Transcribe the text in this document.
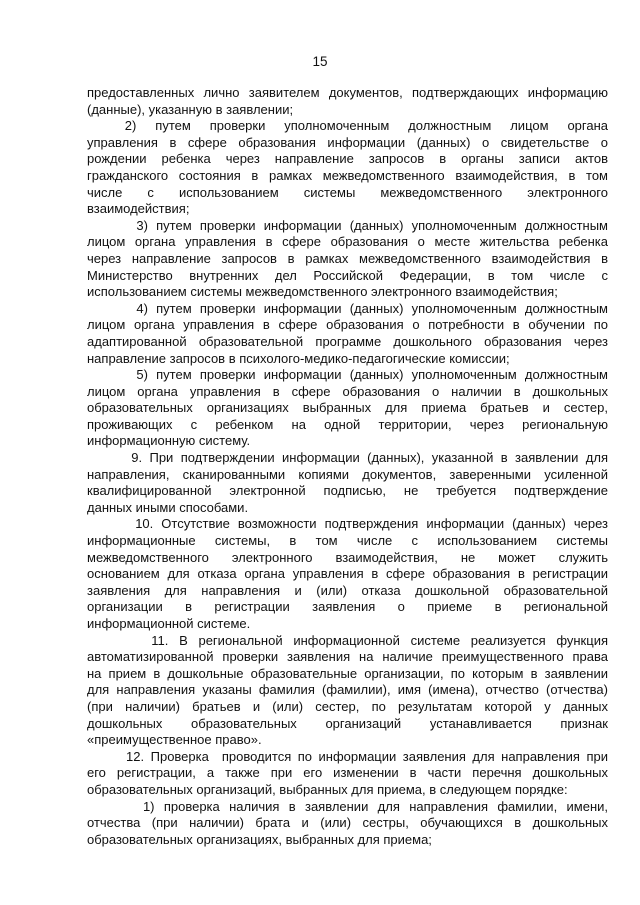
15
предоставленных лично заявителем документов, подтверждающих информацию
(данные), указанную в заявлении;
2)   путем   проверки   уполномоченным   должностным   лицом   органа
управления в сфере образования информации (данных) о свидетельстве о
рождении ребенка через направление запросов в органы записи актов
гражданского состояния в рамках межведомственного взаимодействия, в том
числе     с     использованием     системы     межведомственного     электронного
взаимодействия;
3) путем проверки информации (данных) уполномоченным должностным
лицом органа управления в сфере образования о месте жительства ребенка
через направление запросов в рамках межведомственного взаимодействия в
Министерство внутренних дел Российской Федерации, в том числе с
использованием системы межведомственного электронного взаимодействия;
4) путем проверки информации (данных) уполномоченным должностным
лицом органа управления в сфере образования о потребности в обучении по
адаптированной образовательной программе дошкольного образования через
направление запросов в психолого-медико-педагогические комиссии;
5) путем проверки информации (данных) уполномоченным должностным
лицом органа управления в сфере образования о наличии в дошкольных
образовательных организациях выбранных для приема братьев и сестер,
проживающих с ребенком на одной территории, через региональную
информационную систему.
9. При подтверждении информации (данных), указанной в заявлении для
направления, сканированными копиями документов, заверенными усиленной
квалифицированной электронной подписью, не требуется подтверждение
данных иными способами.
10. Отсутствие возможности подтверждения информации (данных) через
информационные     системы,     в     том     числе     с     использованием     системы
межведомственного     электронного     взаимодействия,     не     может     служить
основанием для отказа органа управления в сфере образования в регистрации
заявления для направления и (или) отказа дошкольной образовательной
организации     в     регистрации     заявления     о     приеме     в     региональной
информационной системе.
11. В региональной информационной системе реализуется функция
автоматизированной проверки заявления на наличие преимущественного права
на прием в дошкольные образовательные организации, по которым в заявлении
для направления указаны фамилия (фамилии), имя (имена), отчество (отчества)
(при наличии) братьев и (или) сестер, по результатам которой у данных
дошкольных     образовательных     организаций     устанавливается     признак
«преимущественное право».
12. Проверка  проводится по информации заявления для направления при
его регистрации, а также при его изменении в части перечня дошкольных
образовательных организаций, выбранных для приема, в следующем порядке:
1) проверка наличия в заявлении для направления фамилии, имени,
отчества (при наличии) брата и (или) сестры, обучающихся в дошкольных
образовательных организациях, выбранных для приема;
